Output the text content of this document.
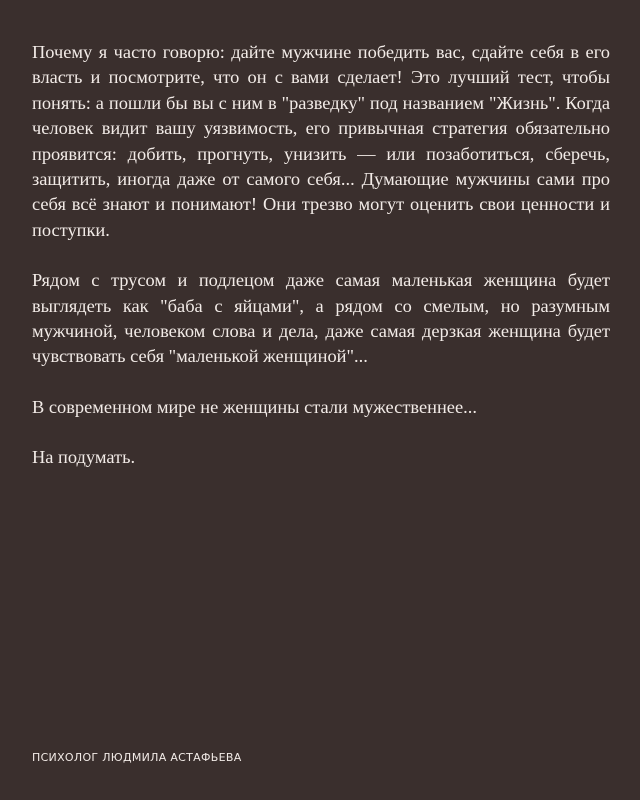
Почему я часто говорю: дайте мужчине победить вас, сдайте себя в его власть и посмотрите, что он с вами сделает! Это лучший тест, чтобы понять: а пошли бы вы с ним в "разведку" под названием "Жизнь". Когда человек видит вашу уязвимость, его привычная стратегия обязательно проявится: добить, прогнуть, унизить — или позаботиться, сберечь, защитить, иногда даже от самого себя... Думающие мужчины сами про себя всё знают и понимают! Они трезво могут оценить свои ценности и поступки.

Рядом с трусом и подлецом даже самая маленькая женщина будет выглядеть как "баба с яйцами", а рядом со смелым, но разумным мужчиной, человеком слова и дела, даже самая дерзкая женщина будет чувствовать себя "маленькой женщиной"...

В современном мире не женщины стали мужественнее...

На подумать.

ПСИХОЛОГ ЛЮДМИЛА АСТАФЬЕВА
